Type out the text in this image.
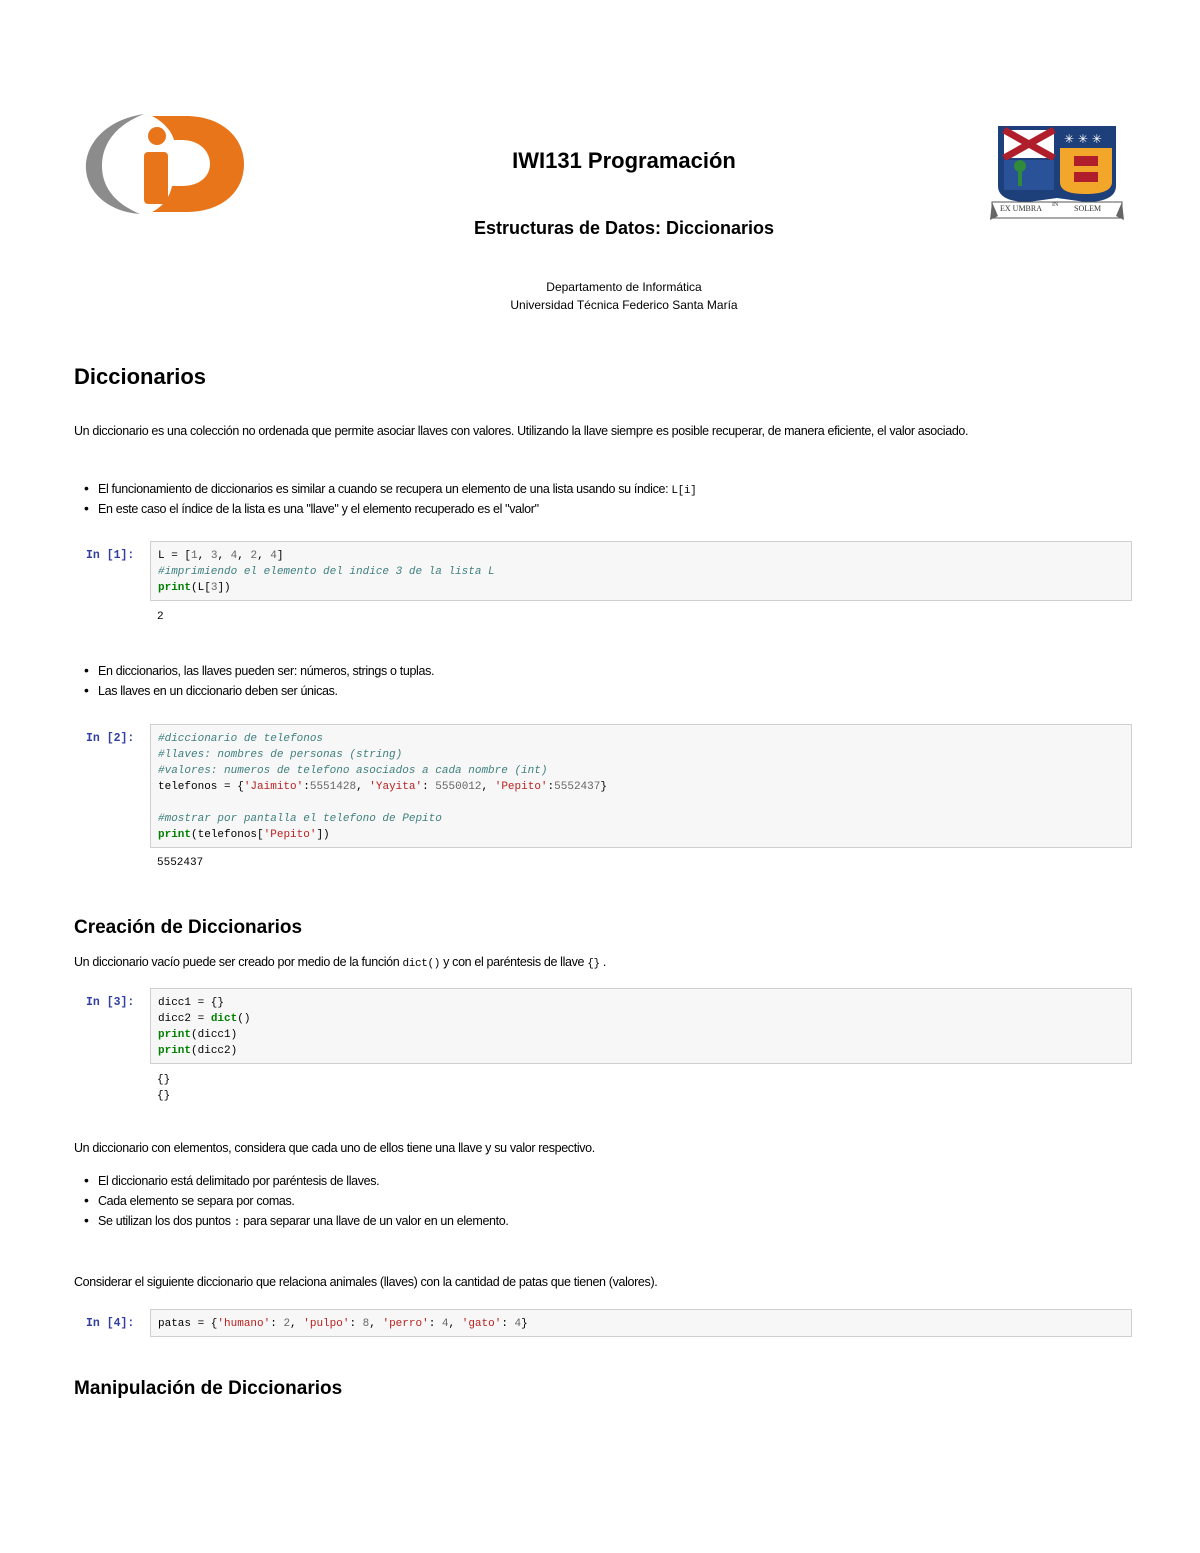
✳ ✳ ✳
EX UMBRA IN SOLEM
IWI131 Programación
Estructuras de Datos: Diccionarios
Departamento de Informática
Universidad Técnica Federico Santa María
Diccionarios

Un diccionario es una colección no ordenada que permite asociar llaves con valores. Utilizando la llave siempre es posible recuperar, de manera eficiente, el valor asociado.

• El funcionamiento de diccionarios es similar a cuando se recupera un elemento de una lista usando su índice: L[i]
• En este caso el índice de la lista es una "llave" y el elemento recuperado es el "valor"
In [1]: L = [1, 3, 4, 2, 4]
#imprimiendo el elemento del indice 3 de la lista L
print(L[3])
2
• En diccionarios, las llaves pueden ser: números, strings o tuplas.
• Las llaves en un diccionario deben ser únicas.
In [2]: #diccionario de telefonos
#llaves: nombres de personas (string)
#valores: numeros de telefono asociados a cada nombre (int)
telefonos = {'Jaimito':5551428, 'Yayita': 5550012, 'Pepito':5552437}

#mostrar por pantalla el telefono de Pepito
print(telefonos['Pepito'])
5552437
Creación de Diccionarios

Un diccionario vacío puede ser creado por medio de la función dict() y con el paréntesis de llave {} .

In [3]: dicc1 = {}
dicc2 = dict()
print(dicc1)
print(dicc2)
{}
{}

Un diccionario con elementos, considera que cada uno de ellos tiene una llave y su valor respectivo.

• El diccionario está delimitado por paréntesis de llaves.
• Cada elemento se separa por comas.
• Se utilizan los dos puntos : para separar una llave de un valor en un elemento.

Considerar el siguiente diccionario que relaciona animales (llaves) con la cantidad de patas que tienen (valores).

In [4]: patas = {'humano': 2, 'pulpo': 8, 'perro': 4, 'gato': 4}
Manipulación de Diccionarios
